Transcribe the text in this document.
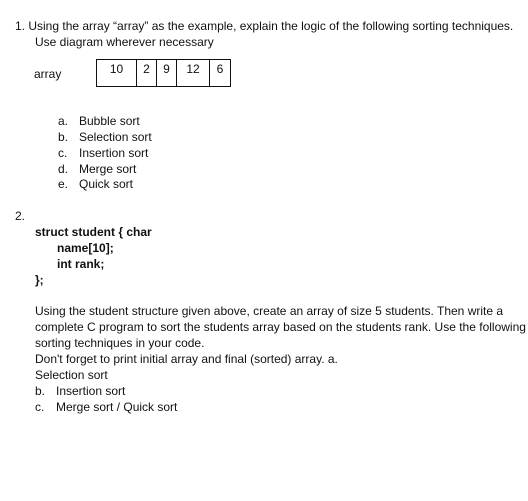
1. Using the array “array” as the example, explain the logic of the following sorting techniques.
Use diagram wherever necessary
array	10	2	9	12	6
a. Bubble sort
b. Selection sort
c. Insertion sort
d. Merge sort
e. Quick sort
2.
struct student { char
name[10];
int rank;
};
Using the student structure given above, create an array of size 5 students. Then write a
complete C program to sort the students array based on the students rank. Use the following
sorting techniques in your code.
Don't forget to print initial array and final (sorted) array. a.
Selection sort
b. Insertion sort
c. Merge sort / Quick sort
